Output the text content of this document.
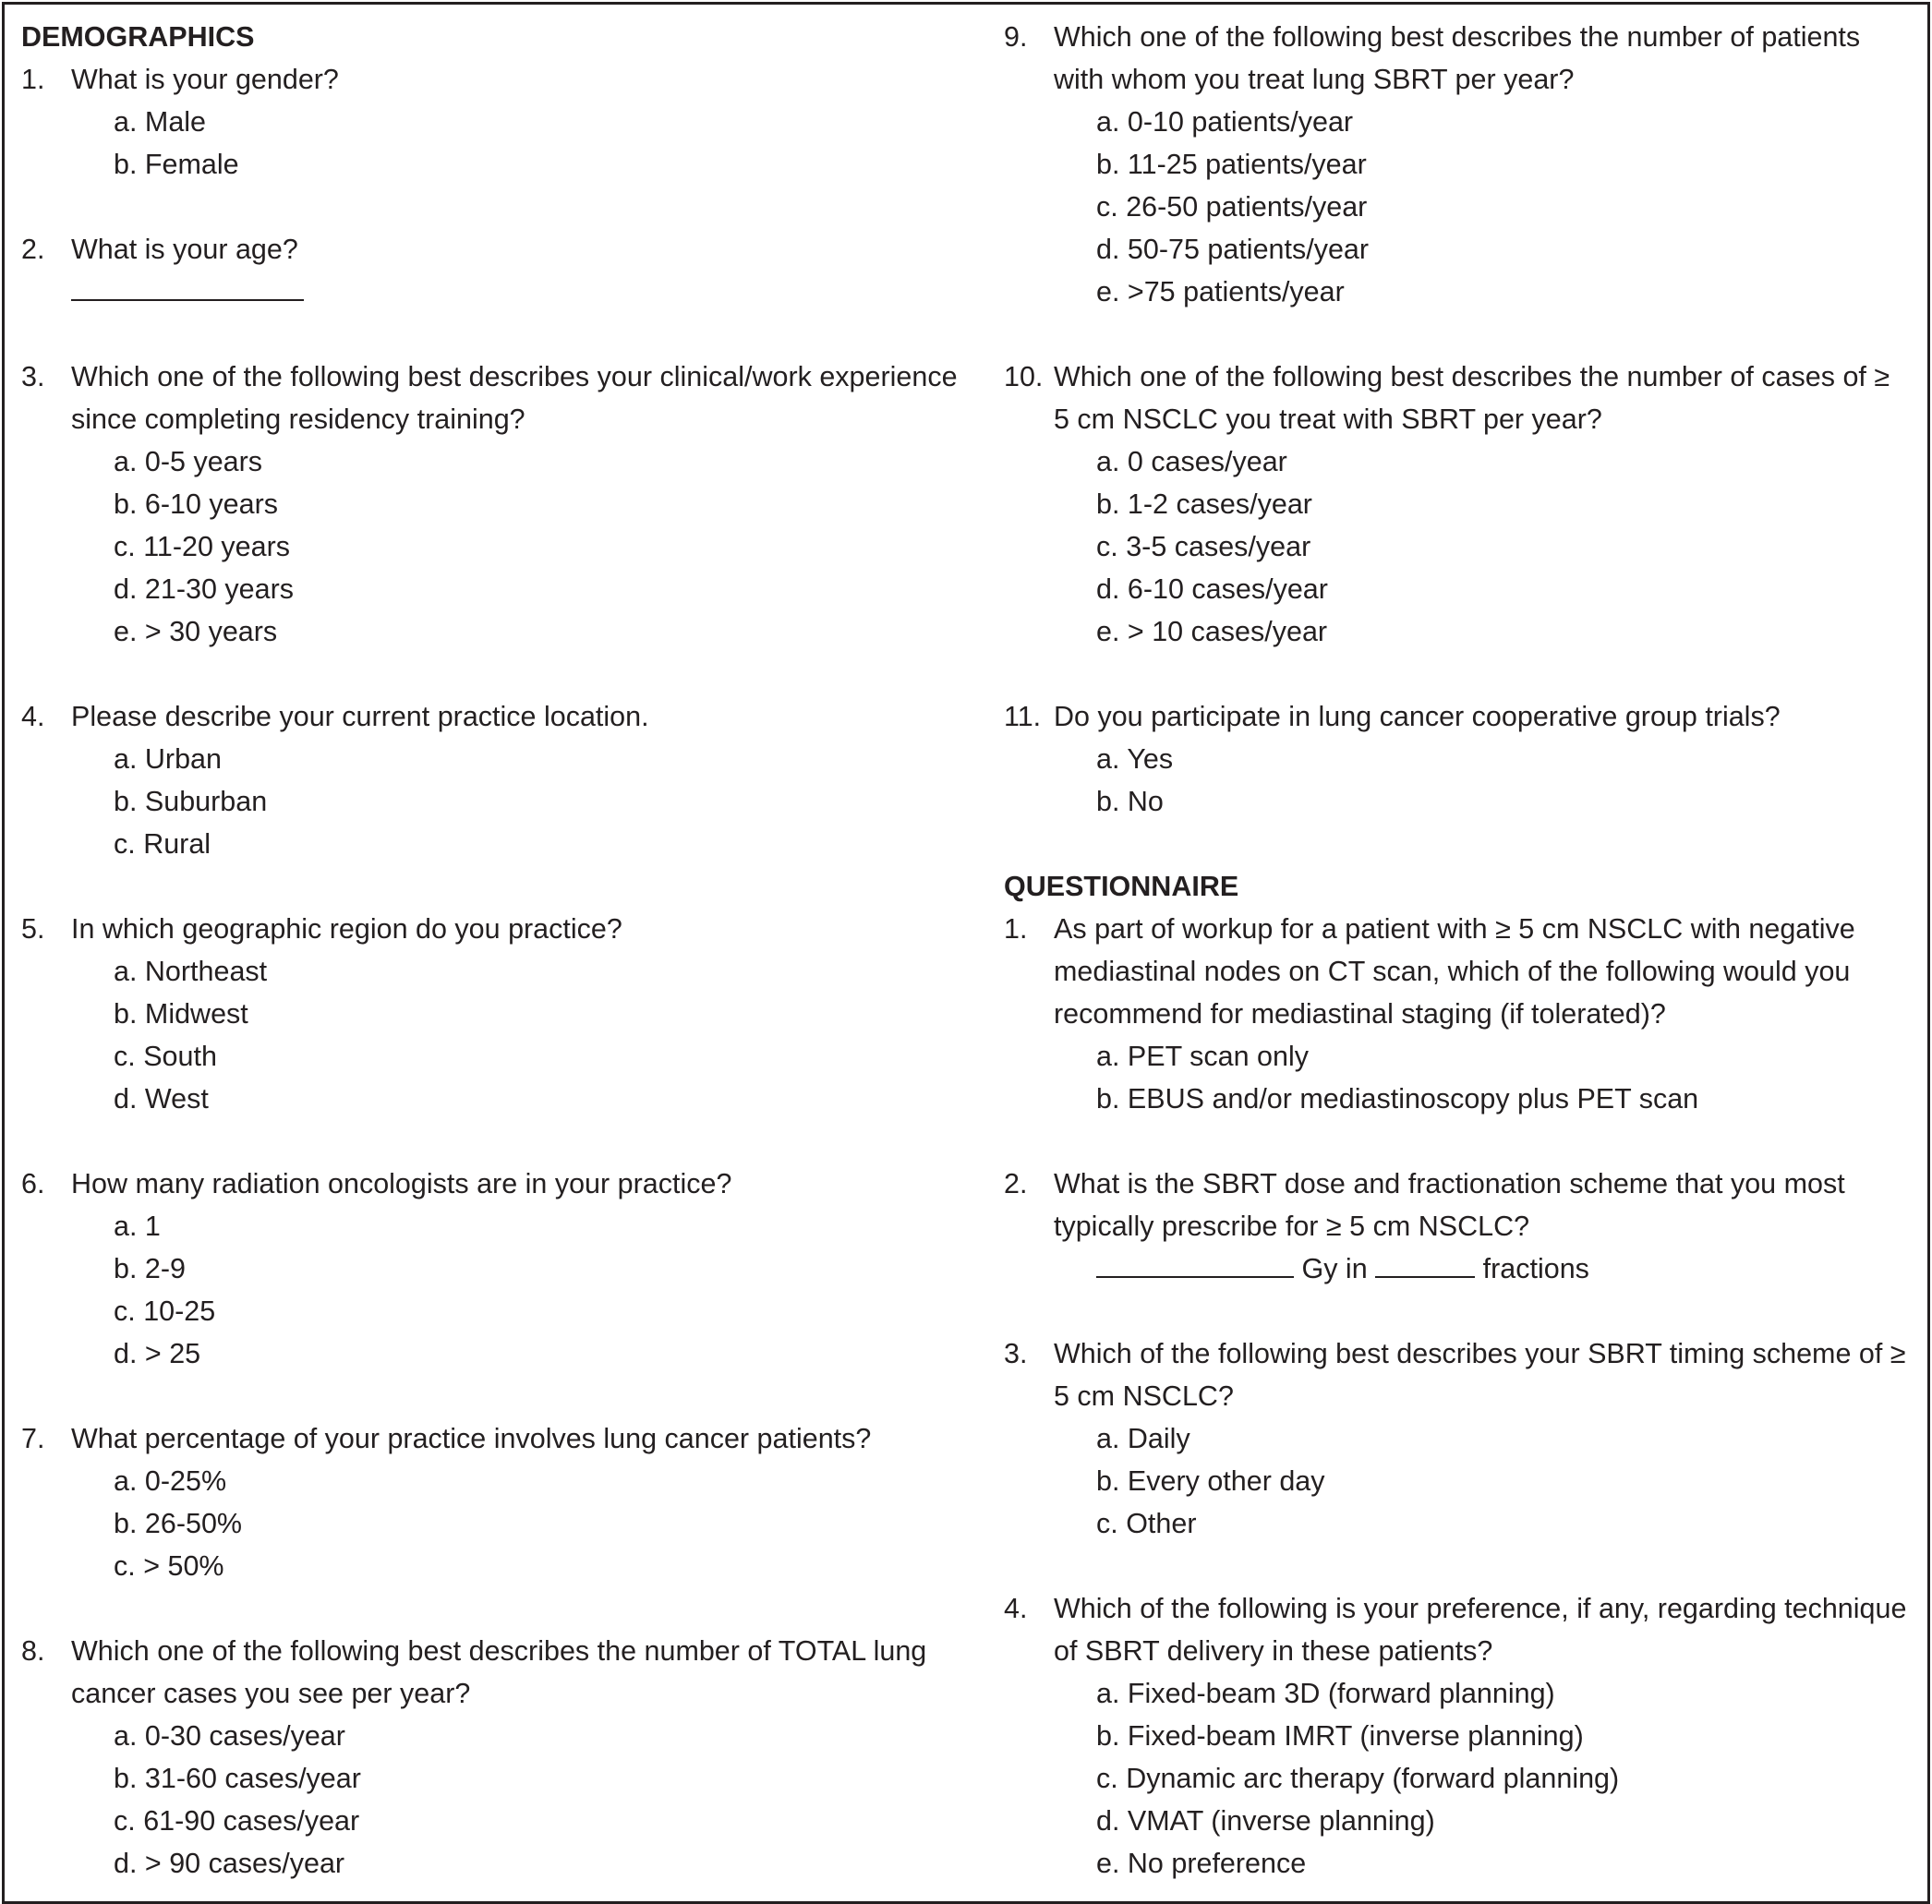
DEMOGRAPHICS
1. What is your gender?
a. Male
b. Female
2. What is your age?
3. Which one of the following best describes your clinical/work experience since completing residency training?
a. 0-5 years
b. 6-10 years
c. 11-20 years
d. 21-30 years
e. > 30 years
4. Please describe your current practice location.
a. Urban
b. Suburban
c. Rural
5. In which geographic region do you practice?
a. Northeast
b. Midwest
c. South
d. West
6. How many radiation oncologists are in your practice?
a. 1
b. 2-9
c. 10-25
d. > 25
7. What percentage of your practice involves lung cancer patients?
a. 0-25%
b. 26-50%
c. > 50%
8. Which one of the following best describes the number of TOTAL lung cancer cases you see per year?
a. 0-30 cases/year
b. 31-60 cases/year
c. 61-90 cases/year
d. > 90 cases/year
9. Which one of the following best describes the number of patients with whom you treat lung SBRT per year?
a. 0-10 patients/year
b. 11-25 patients/year
c. 26-50 patients/year
d. 50-75 patients/year
e. >75 patients/year
10. Which one of the following best describes the number of cases of ≥ 5 cm NSCLC you treat with SBRT per year?
a. 0 cases/year
b. 1-2 cases/year
c. 3-5 cases/year
d. 6-10 cases/year
e. > 10 cases/year
11. Do you participate in lung cancer cooperative group trials?
a. Yes
b. No
QUESTIONNAIRE
1. As part of workup for a patient with ≥ 5 cm NSCLC with negative mediastinal nodes on CT scan, which of the following would you recommend for mediastinal staging (if tolerated)?
a. PET scan only
b. EBUS and/or mediastinoscopy plus PET scan
2. What is the SBRT dose and fractionation scheme that you most typically prescribe for ≥ 5 cm NSCLC?
Gy in	fractions
3. Which of the following best describes your SBRT timing scheme of ≥ 5 cm NSCLC?
a. Daily
b. Every other day
c. Other
4. Which of the following is your preference, if any, regarding technique of SBRT delivery in these patients?
a. Fixed-beam 3D (forward planning)
b. Fixed-beam IMRT (inverse planning)
c. Dynamic arc therapy (forward planning)
d. VMAT (inverse planning)
e. No preference
